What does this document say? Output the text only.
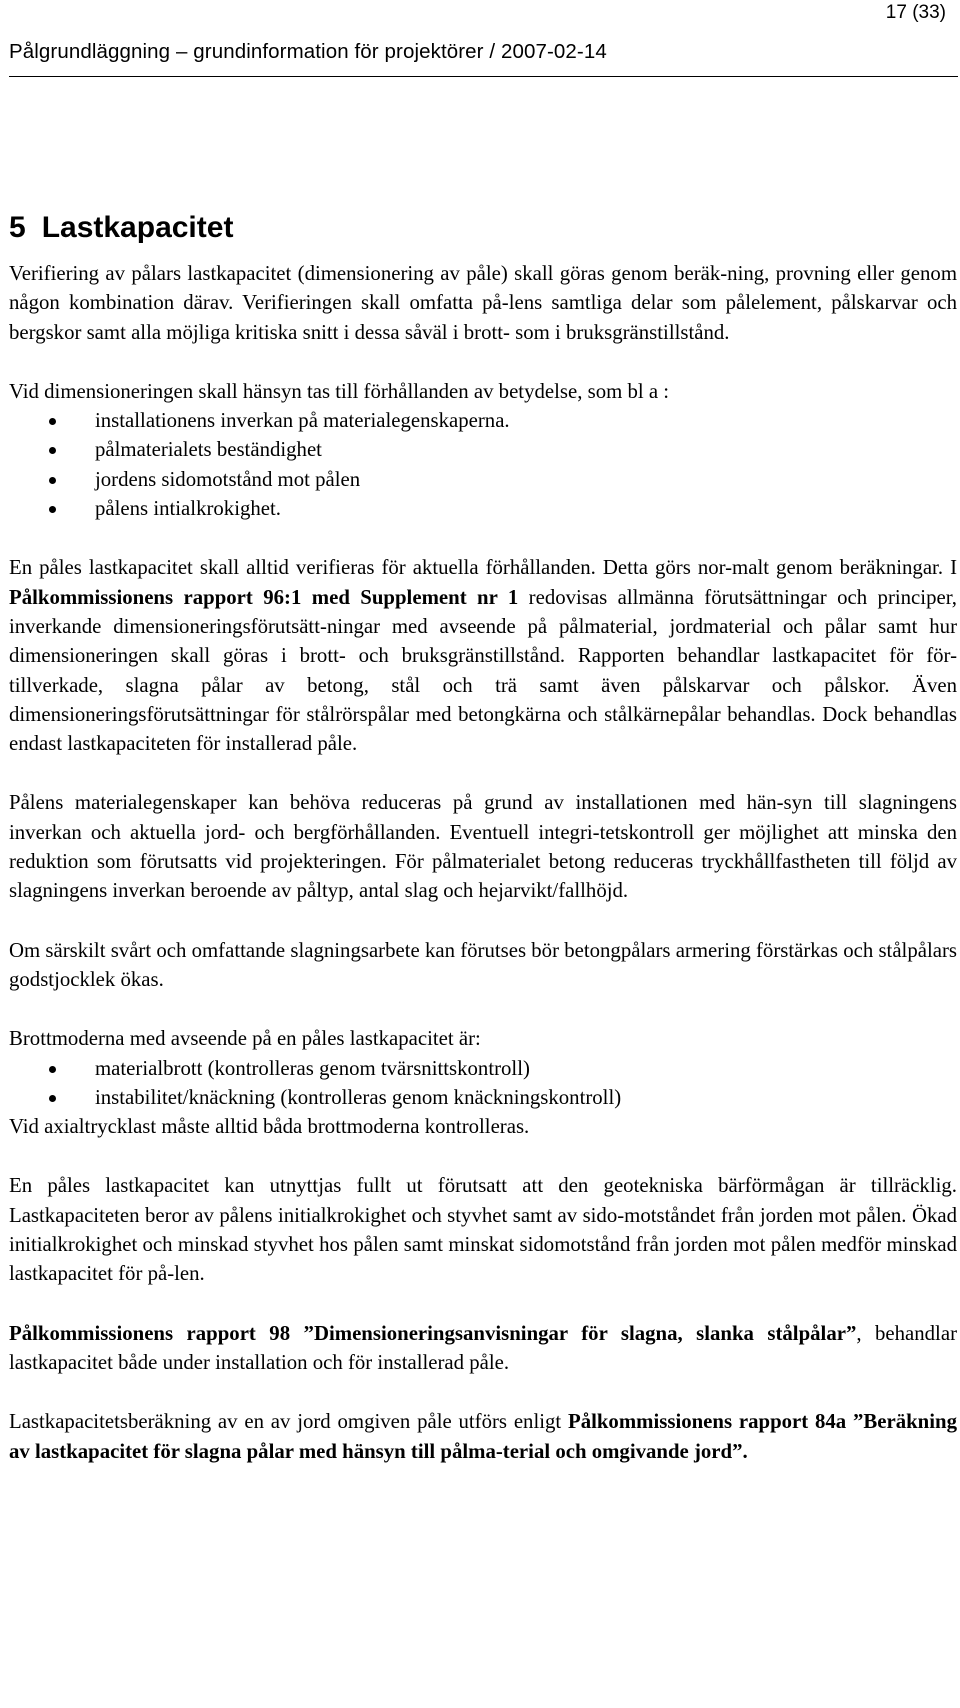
17 (33)
Pålgrundläggning – grundinformation för projektörer / 2007-02-14
5 Lastkapacitet

Verifiering av pålars lastkapacitet (dimensionering av påle) skall göras genom beräk-ning, provning eller genom någon kombination därav. Verifieringen skall omfatta på-lens samtliga delar som pålelement, pålskarvar och bergskor samt alla möjliga kritiska snitt i dessa såväl i brott- som i bruksgränstillstånd.

Vid dimensioneringen skall hänsyn tas till förhållanden av betydelse, som bl a :

installationens inverkan på materialegenskaperna.
pålmaterialets beständighet
jordens sidomotstånd mot pålen
pålens intialkrokighet.

En påles lastkapacitet skall alltid verifieras för aktuella förhållanden. Detta görs nor-malt genom beräkningar. I Pålkommissionens rapport 96:1 med Supplement nr 1 redovisas allmänna förutsättningar och principer, inverkande dimensioneringsförutsätt-ningar med avseende på pålmaterial, jordmaterial och pålar samt hur dimensioneringen skall göras i brott- och bruksgränstillstånd. Rapporten behandlar lastkapacitet för för-tillverkade, slagna pålar av betong, stål och trä samt även pålskarvar och pålskor. Även dimensioneringsförutsättningar för stålrörspålar med betongkärna och stålkärnepålar behandlas. Dock behandlas endast lastkapaciteten för installerad påle.

Pålens materialegenskaper kan behöva reduceras på grund av installationen med hän-syn till slagningens inverkan och aktuella jord- och bergförhållanden. Eventuell integri-tetskontroll ger möjlighet att minska den reduktion som förutsatts vid projekteringen. För pålmaterialet betong reduceras tryckhållfastheten till följd av slagningens inverkan beroende av påltyp, antal slag och hejarvikt/fallhöjd.

Om särskilt svårt och omfattande slagningsarbete kan förutses bör betongpålars armering förstärkas och stålpålars godstjocklek ökas.

Brottmoderna med avseende på en påles lastkapacitet är:

materialbrott (kontrolleras genom tvärsnittskontroll)
instabilitet/knäckning (kontrolleras genom knäckningskontroll)

Vid axialtrycklast måste alltid båda brottmoderna kontrolleras.

En påles lastkapacitet kan utnyttjas fullt ut förutsatt att den geotekniska bärförmågan är tillräcklig. Lastkapaciteten beror av pålens initialkrokighet och styvhet samt av sido-motståndet från jorden mot pålen. Ökad initialkrokighet och minskad styvhet hos pålen samt minskat sidomotstånd från jorden mot pålen medför minskad lastkapacitet för på-len.

Pålkommissionens rapport 98 ”Dimensioneringsanvisningar för slagna, slanka stålpålar”, behandlar lastkapacitet både under installation och för installerad påle.

Lastkapacitetsberäkning av en av jord omgiven påle utförs enligt Pålkommissionens rapport 84a ”Beräkning av lastkapacitet för slagna pålar med hänsyn till pålma-terial och omgivande jord”.
